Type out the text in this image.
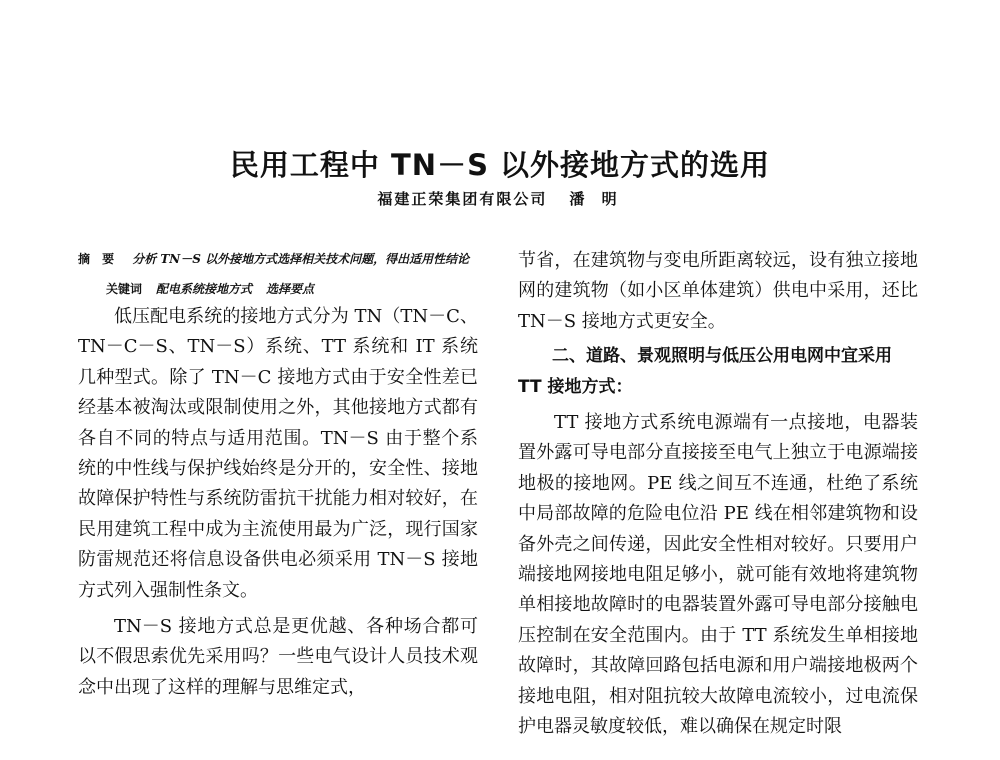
民用工程中 TN－S 以外接地方式的选用
福建正荣集团有限公司 潘 明

摘 要 分析 TN－S 以外接地方式选择相关技术问题，得出适用性结论

关键词 配电系统接地方式 选择要点

低压配电系统的接地方式分为 TN（TN－C、TN－C－S、TN－S）系统、TT 系统和 IT 系统几种型式。除了 TN－C 接地方式由于安全性差已经基本被淘汰或限制使用之外，其他接地方式都有各自不同的特点与适用范围。TN－S 由于整个系统的中性线与保护线始终是分开的，安全性、接地故障保护特性与系统防雷抗干扰能力相对较好，在民用建筑工程中成为主流使用最为广泛，现行国家防雷规范还将信息设备供电必须采用 TN－S 接地方式列入强制性条文。

TN－S 接地方式总是更优越、各种场合都可以不假思索优先采用吗？一些电气设计人员技术观念中出现了这样的理解与思维定式，

节省，在建筑物与变电所距离较远，设有独立接地网的建筑物（如小区单体建筑）供电中采用，还比 TN－S 接地方式更安全。

二、道路、景观照明与低压公用电网中宜采用 TT 接地方式：

TT 接地方式系统电源端有一点接地，电器装置外露可导电部分直接接至电气上独立于电源端接地极的接地网。PE 线之间互不连通，杜绝了系统中局部故障的危险电位沿 PE 线在相邻建筑物和设备外壳之间传递，因此安全性相对较好。只要用户端接地网接地电阻足够小，就可能有效地将建筑物单相接地故障时的电器装置外露可导电部分接触电压控制在安全范围内。由于 TT 系统发生单相接地故障时，其故障回路包括电源和用户端接地极两个接地电阻，相对阻抗较大故障电流较小，过电流保护电器灵敏度较低，难以确保在规定时限
